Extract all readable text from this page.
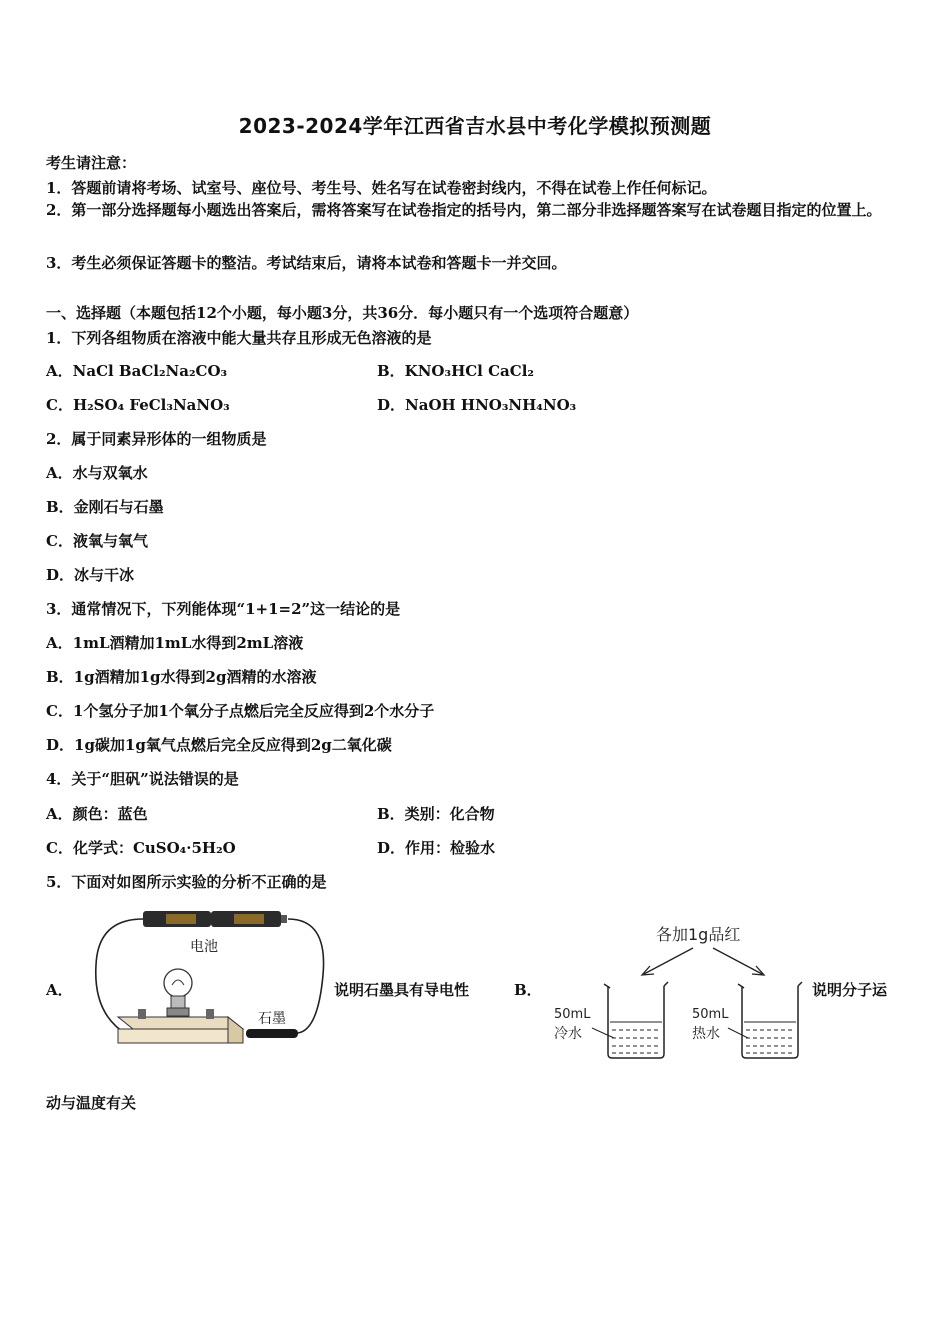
2023-2024学年江西省吉水县中考化学模拟预测题
考生请注意：
1．答题前请将考场、试室号、座位号、考生号、姓名写在试卷密封线内，不得在试卷上作任何标记。
2．第一部分选择题每小题选出答案后，需将答案写在试卷指定的括号内，第二部分非选择题答案写在试卷题目指定的位置上。
3．考生必须保证答题卡的整洁。考试结束后，请将本试卷和答题卡一并交回。
一、选择题（本题包括12个小题，每小题3分，共36分．每小题只有一个选项符合题意）
1．下列各组物质在溶液中能大量共存且形成无色溶液的是
A．NaCl BaCl₂Na₂CO₃	B．KNO₃HCl CaCl₂
C．H₂SO₄ FeCl₃NaNO₃	D．NaOH HNO₃NH₄NO₃
2．属于同素异形体的一组物质是
A．水与双氧水
B．金刚石与石墨
C．液氧与氧气
D．冰与干冰
3．通常情况下，下列能体现“1+1=2”这一结论的是
A．1mL酒精加1mL水得到2mL溶液
B．1g酒精加1g水得到2g酒精的水溶液
C．1个氢分子加1个氧分子点燃后完全反应得到2个水分子
D．1g碳加1g氧气点燃后完全反应得到2g二氧化碳
4．关于“胆矾”说法错误的是
A．颜色：蓝色	B．类别：化合物
C．化学式：CuSO₄·5H₂O	D．作用：检验水
5．下面对如图所示实验的分析不正确的是
A．
电池
石墨
说明石墨具有导电性	B．
各加1g品红
50mL
冷水
50mL
热水
说明分子运
动与温度有关
